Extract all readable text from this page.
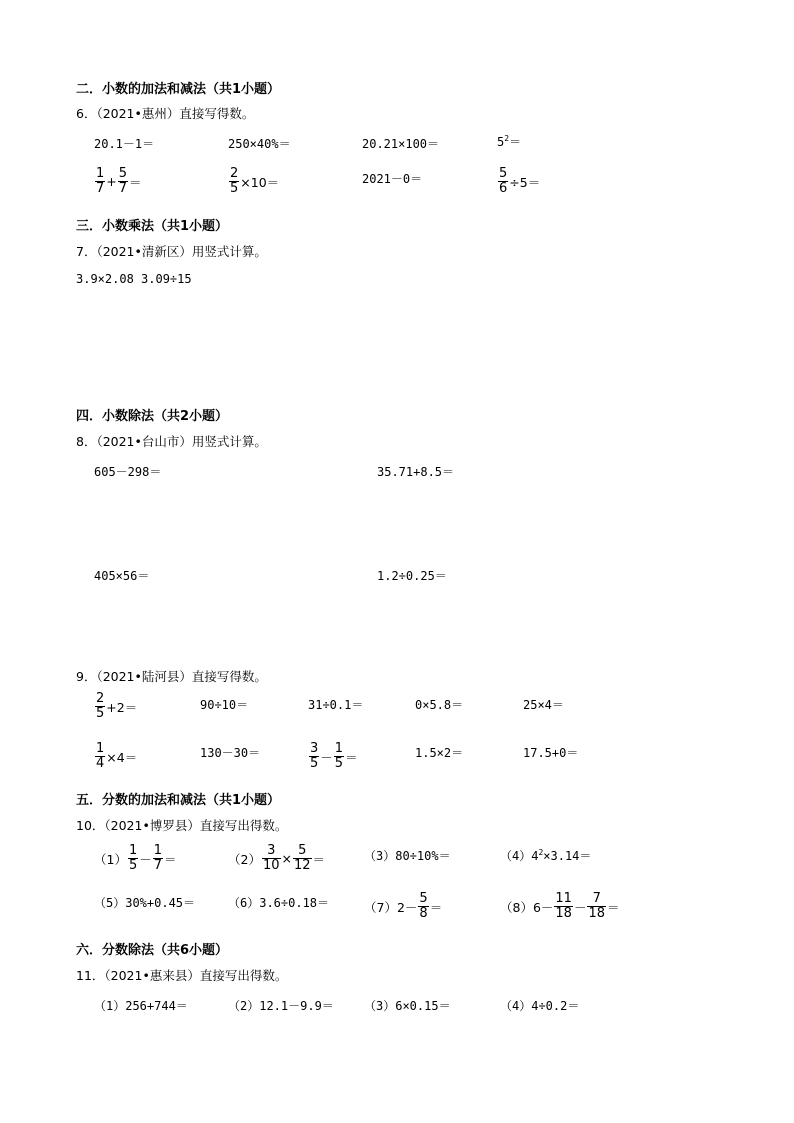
二．小数的加法和减法（共1小题）
6．（2021•惠州）直接写得数。
20.1－1＝	250×40%＝	20.21×100＝	$5^2=$
$\frac{1}{7} + \frac{5}{7}$ ＝	$\frac{2}{5} \times 10=$	2021－0＝	$\frac{5}{6} \div 5=$
三．小数乘法（共1小题）
7．（2021•清新区）用竖式计算。
3.9×2.08 3.09÷15
四．小数除法（共2小题）
8．（2021•台山市）用竖式计算。
605－298＝	35.71+8.5＝
405×56＝	1.2÷0.25＝
9．（2021•陆河县）直接写得数。
$\frac{2}{5} +2=$	90÷10＝	31÷0.1＝	0×5.8＝	25×4＝
$\frac{1}{4} \times 4=$	130－30＝	$\frac{3}{5} - \frac{1}{5}$ ＝	1.5×2＝	17.5+0＝
五．分数的加法和减法（共1小题）
10．（2021•博罗县）直接写出得数。
$(1) \frac{1}{5} - \frac{1}{7}$ ＝	$(2) \frac{3}{10} \times \frac{5}{12}$ ＝	（3）80÷10%＝	$(4)4^2\times 3.14=$
（5）30%+0.45＝	（6）3.6÷0.18＝	$(7)2- \frac{5}{8}$ ＝	$(8)6- \frac{11}{18} - \frac{7}{18}$ ＝
六．分数除法（共6小题）
11．（2021•惠来县）直接写出得数。
（1）256+744＝	（2）12.1－9.9＝	（3）6×0.15＝	（4）4÷0.2＝
